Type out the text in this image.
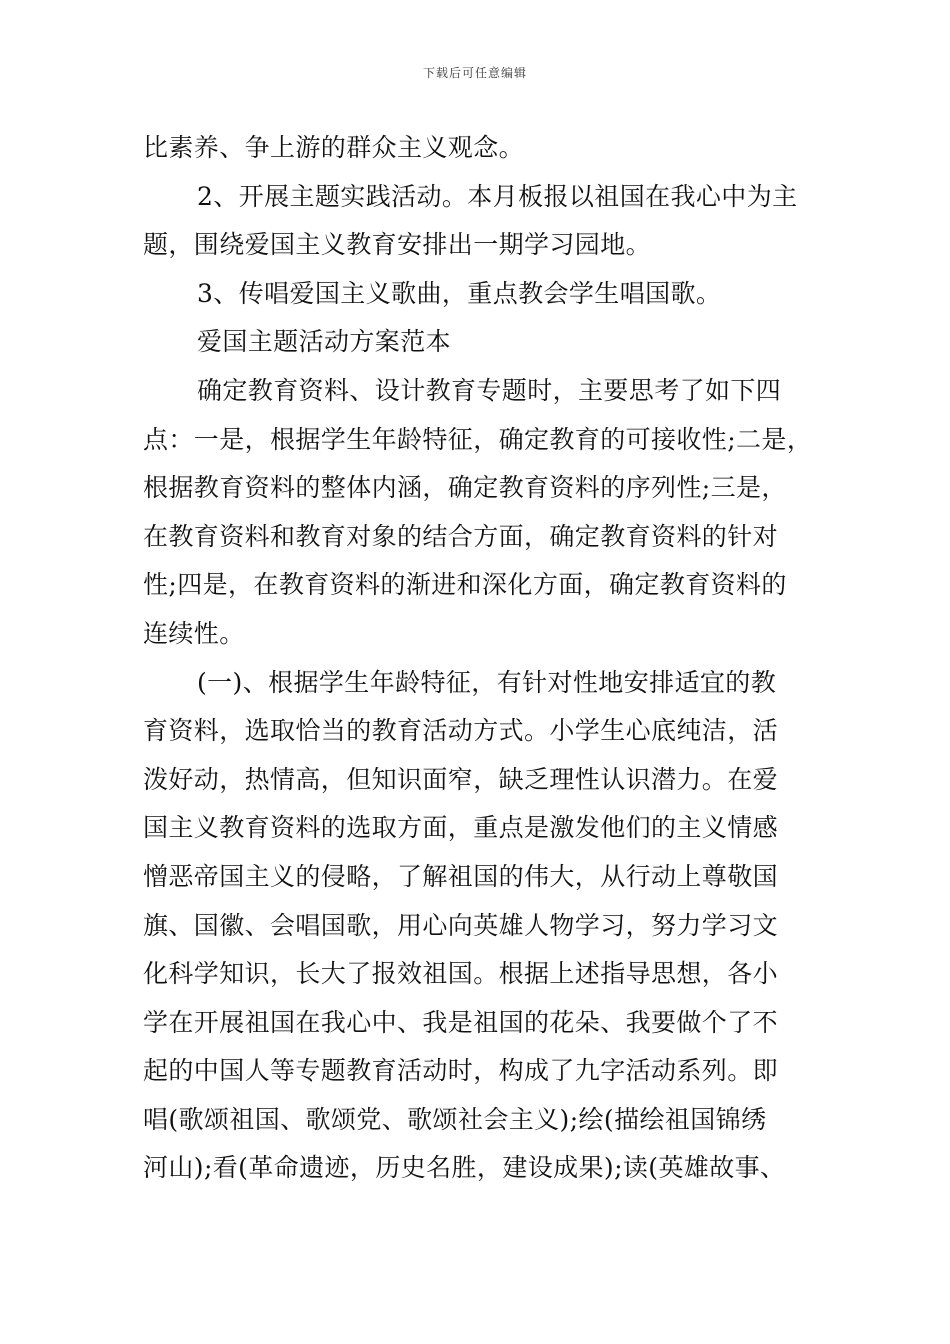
下载后可任意编辑
比素养、争上游的群众主义观念。
2、开展主题实践活动。本月板报以祖国在我心中为主
题，围绕爱国主义教育安排出一期学习园地。
3、传唱爱国主义歌曲，重点教会学生唱国歌。
爱国主题活动方案范本
确定教育资料、设计教育专题时，主要思考了如下四
点：一是，根据学生年龄特征，确定教育的可接收性;二是，
根据教育资料的整体内涵，确定教育资料的序列性;三是，
在教育资料和教育对象的结合方面，确定教育资料的针对
性;四是，在教育资料的渐进和深化方面，确定教育资料的
连续性。
(一)、根据学生年龄特征，有针对性地安排适宜的教
育资料，选取恰当的教育活动方式。小学生心底纯洁，活
泼好动，热情高，但知识面窄，缺乏理性认识潜力。在爱
国主义教育资料的选取方面，重点是激发他们的主义情感
憎恶帝国主义的侵略，了解祖国的伟大，从行动上尊敬国
旗、国徽、会唱国歌，用心向英雄人物学习，努力学习文
化科学知识，长大了报效祖国。根据上述指导思想，各小
学在开展祖国在我心中、我是祖国的花朵、我要做个了不
起的中国人等专题教育活动时，构成了九字活动系列。即
唱(歌颂祖国、歌颂党、歌颂社会主义);绘(描绘祖国锦绣
河山);看(革命遗迹，历史名胜，建设成果);读(英雄故事、
